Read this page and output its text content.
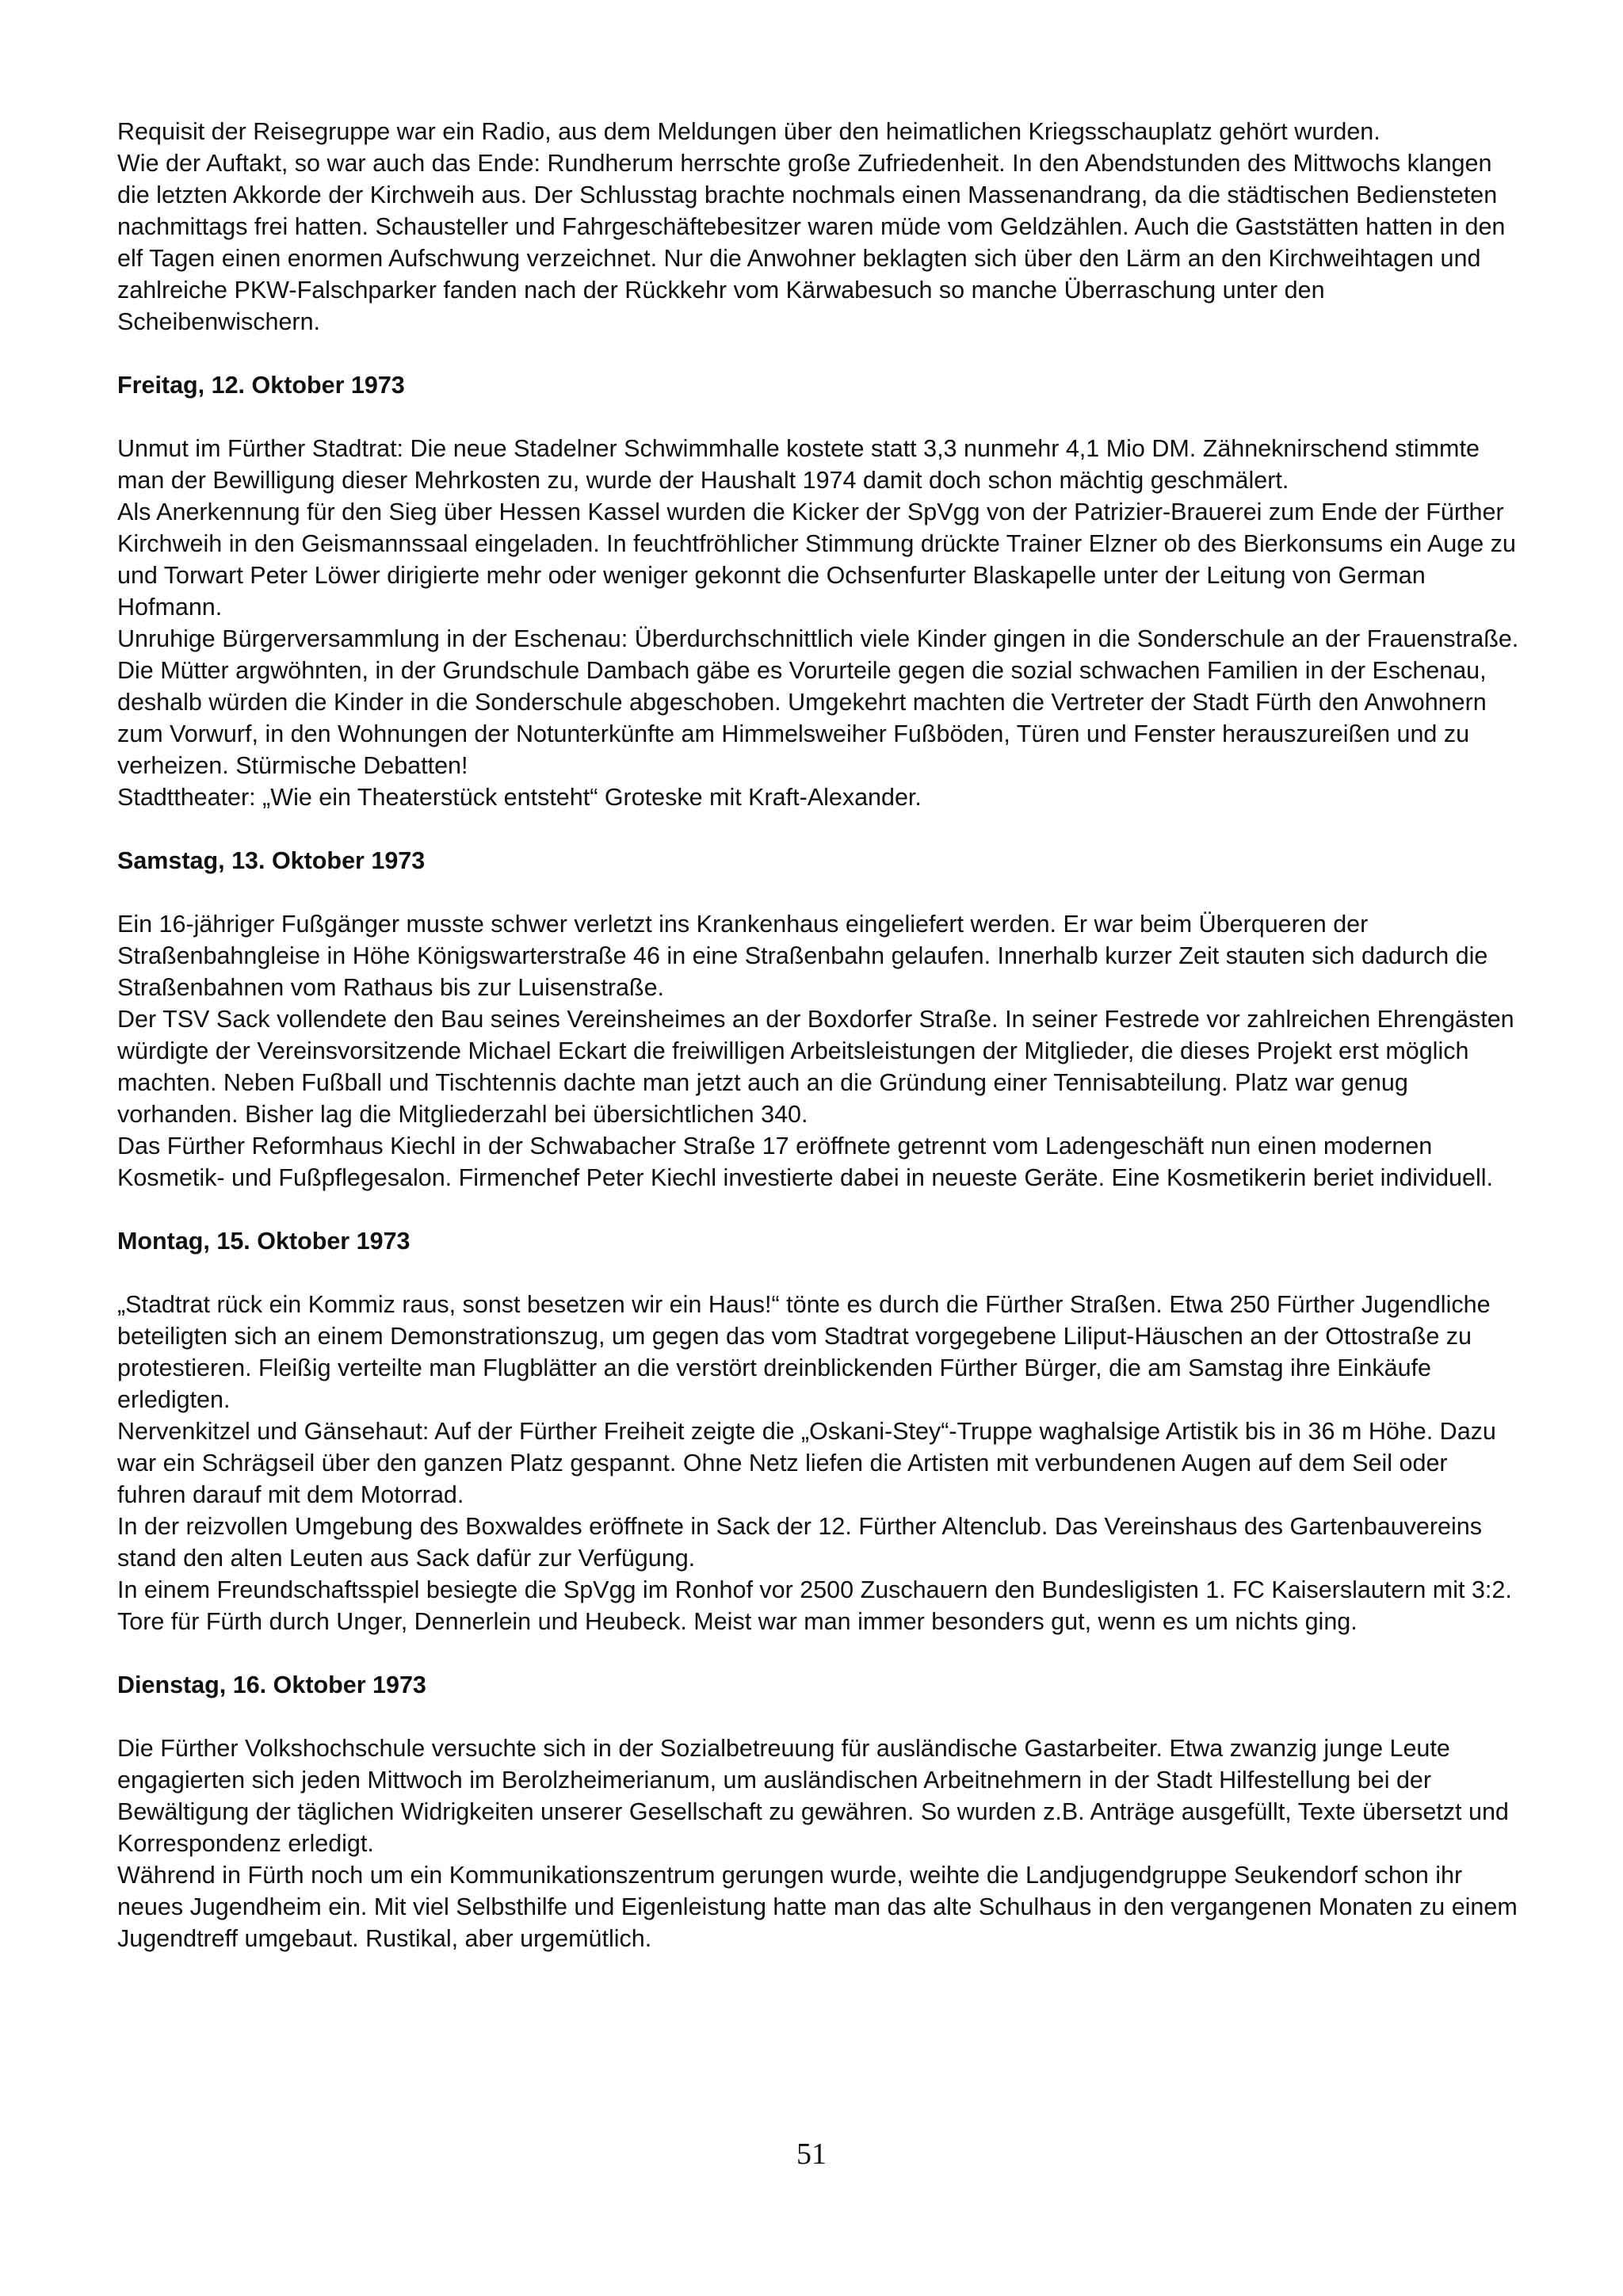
Requisit der Reisegruppe war ein Radio, aus dem Meldungen über den heimatlichen Kriegsschauplatz gehört wurden.

Wie der Auftakt, so war auch das Ende: Rundherum herrschte große Zufriedenheit. In den Abendstunden des Mittwochs klangen die letzten Akkorde der Kirchweih aus. Der Schlusstag brachte nochmals einen Massenandrang, da die städtischen Bediensteten nachmittags frei hatten. Schausteller und Fahrgeschäftebesitzer waren müde vom Geldzählen. Auch die Gaststätten hatten in den elf Tagen einen enormen Aufschwung verzeichnet. Nur die Anwohner beklagten sich über den Lärm an den Kirchweihtagen und zahlreiche PKW-Falschparker fanden nach der Rückkehr vom Kärwabesuch so manche Überraschung unter den Scheibenwischern.

Freitag, 12. Oktober 1973

Unmut im Fürther Stadtrat: Die neue Stadelner Schwimmhalle kostete statt 3,3 nunmehr 4,1 Mio DM. Zähneknirschend stimmte man der Bewilligung dieser Mehrkosten zu, wurde der Haushalt 1974 damit doch schon mächtig geschmälert.

Als Anerkennung für den Sieg über Hessen Kassel wurden die Kicker der SpVgg von der Patrizier-Brauerei zum Ende der Fürther Kirchweih in den Geismannssaal eingeladen. In feuchtfröhlicher Stimmung drückte Trainer Elzner ob des Bierkonsums ein Auge zu und Torwart Peter Löwer dirigierte mehr oder weniger gekonnt die Ochsenfurter Blaskapelle unter der Leitung von German Hofmann.

Unruhige Bürgerversammlung in der Eschenau: Überdurchschnittlich viele Kinder gingen in die Sonderschule an der Frauenstraße. Die Mütter argwöhnten, in der Grundschule Dambach gäbe es Vorurteile gegen die sozial schwachen Familien in der Eschenau, deshalb würden die Kinder in die Sonderschule abgeschoben. Umgekehrt machten die Vertreter der Stadt Fürth den Anwohnern zum Vorwurf, in den Wohnungen der Notunterkünfte am Himmelsweiher Fußböden, Türen und Fenster herauszureißen und zu verheizen. Stürmische Debatten!

Stadttheater: „Wie ein Theaterstück entsteht“ Groteske mit Kraft-Alexander.

Samstag, 13. Oktober 1973

Ein 16-jähriger Fußgänger musste schwer verletzt ins Krankenhaus eingeliefert werden. Er war beim Überqueren der Straßenbahngleise in Höhe Königswarterstraße 46 in eine Straßenbahn gelaufen. Innerhalb kurzer Zeit stauten sich dadurch die Straßenbahnen vom Rathaus bis zur Luisenstraße.

Der TSV Sack vollendete den Bau seines Vereinsheimes an der Boxdorfer Straße. In seiner Festrede vor zahlreichen Ehrengästen würdigte der Vereinsvorsitzende Michael Eckart die freiwilligen Arbeitsleistungen der Mitglieder, die dieses Projekt erst möglich machten. Neben Fußball und Tischtennis dachte man jetzt auch an die Gründung einer Tennisabteilung. Platz war genug vorhanden. Bisher lag die Mitgliederzahl bei übersichtlichen 340.

Das Fürther Reformhaus Kiechl in der Schwabacher Straße 17 eröffnete getrennt vom Ladengeschäft nun einen modernen Kosmetik- und Fußpflegesalon. Firmenchef Peter Kiechl investierte dabei in neueste Geräte. Eine Kosmetikerin beriet individuell.

Montag, 15. Oktober 1973

„Stadtrat rück ein Kommiz raus, sonst besetzen wir ein Haus!“ tönte es durch die Fürther Straßen. Etwa 250 Fürther Jugendliche beteiligten sich an einem Demonstrationszug, um gegen das vom Stadtrat vorgegebene Liliput-Häuschen an der Ottostraße zu protestieren. Fleißig verteilte man Flugblätter an die verstört dreinblickenden Fürther Bürger, die am Samstag ihre Einkäufe erledigten.

Nervenkitzel und Gänsehaut: Auf der Fürther Freiheit zeigte die „Oskani-Stey“-Truppe waghalsige Artistik bis in 36 m Höhe. Dazu war ein Schrägseil über den ganzen Platz gespannt. Ohne Netz liefen die Artisten mit verbundenen Augen auf dem Seil oder fuhren darauf mit dem Motorrad.

In der reizvollen Umgebung des Boxwaldes eröffnete in Sack der 12. Fürther Altenclub. Das Vereinshaus des Gartenbauvereins stand den alten Leuten aus Sack dafür zur Verfügung.

In einem Freundschaftsspiel besiegte die SpVgg im Ronhof vor 2500 Zuschauern den Bundesligisten 1. FC Kaiserslautern mit 3:2. Tore für Fürth durch Unger, Dennerlein und Heubeck. Meist war man immer besonders gut, wenn es um nichts ging.

Dienstag, 16. Oktober 1973

Die Fürther Volkshochschule versuchte sich in der Sozialbetreuung für ausländische Gastarbeiter. Etwa zwanzig junge Leute engagierten sich jeden Mittwoch im Berolzheimerianum, um ausländischen Arbeitnehmern in der Stadt Hilfestellung bei der Bewältigung der täglichen Widrigkeiten unserer Gesellschaft zu gewähren. So wurden z.B. Anträge ausgefüllt, Texte übersetzt und Korrespondenz erledigt.

Während in Fürth noch um ein Kommunikationszentrum gerungen wurde, weihte die Landjugendgruppe Seukendorf schon ihr neues Jugendheim ein. Mit viel Selbsthilfe und Eigenleistung hatte man das alte Schulhaus in den vergangenen Monaten zu einem Jugendtreff umgebaut. Rustikal, aber urgemütlich.

51
